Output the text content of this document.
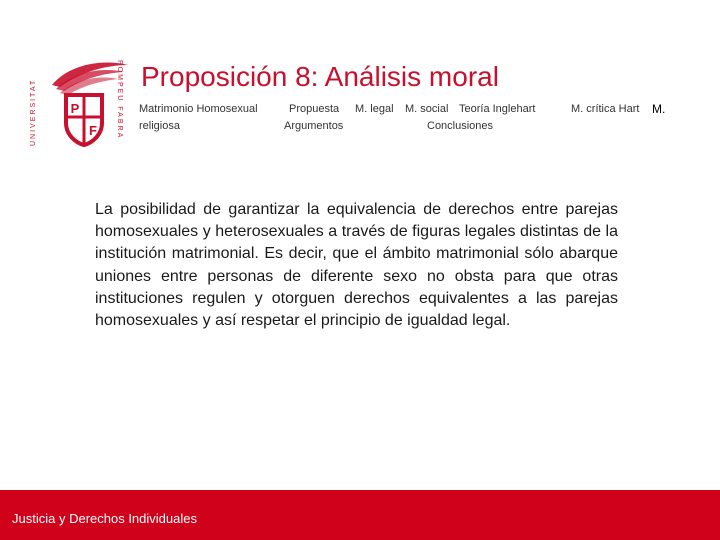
P
F
UNIVERSITAT	POMPEU FABRA Proposición 8: Análisis moral
Matrimonio Homosexual	Propuesta M. legal M. social Teoría Inglehart	M. crítica Hart M.
religiosa	Argumentos	Conclusiones
La posibilidad de garantizar la equivalencia de derechos entre parejas homosexuales y heterosexuales a través de figuras legales distintas de la institución matrimonial. Es decir, que el ámbito matrimonial sólo abarque uniones entre personas de diferente sexo no obsta para que otras instituciones regulen y otorguen derechos equivalentes a las parejas homosexuales y así respetar el principio de igualdad legal.
Justicia y Derechos Individuales
